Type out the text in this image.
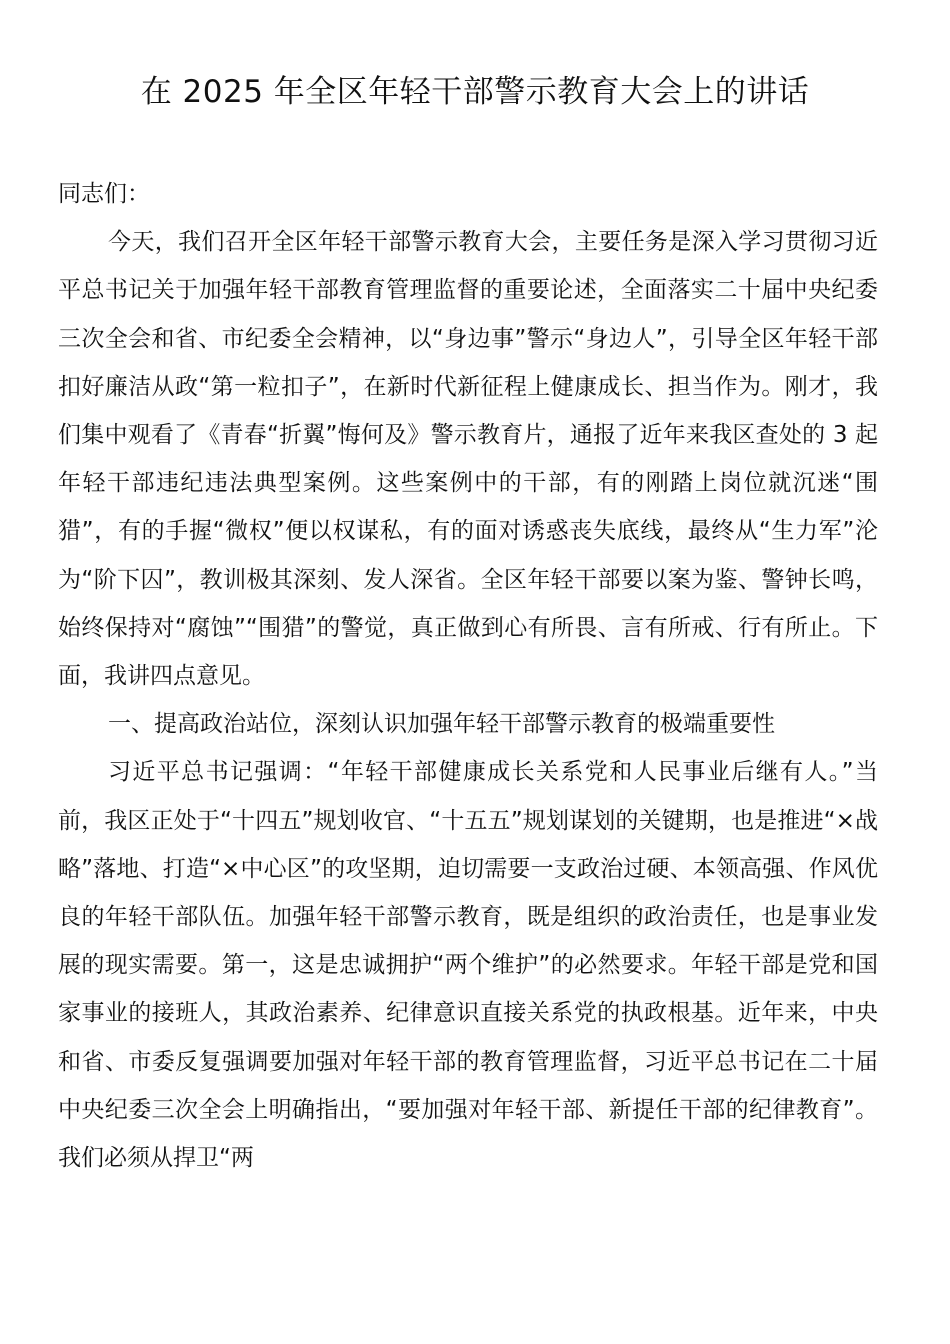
在 2025 年全区年轻干部警示教育大会上的讲话

同志们：

今天，我们召开全区年轻干部警示教育大会，主要任务是深入学习贯彻习近平总书记关于加强年轻干部教育管理监督的重要论述，全面落实二十届中央纪委三次全会和省、市纪委全会精神，以“身边事”警示“身边人”，引导全区年轻干部扣好廉洁从政“第一粒扣子”，在新时代新征程上健康成长、担当作为。刚才，我们集中观看了《青春“折翼”悔何及》警示教育片，通报了近年来我区查处的 3 起年轻干部违纪违法典型案例。这些案例中的干部，有的刚踏上岗位就沉迷“围猎”，有的手握“微权”便以权谋私，有的面对诱惑丧失底线，最终从“生力军”沦为“阶下囚”，教训极其深刻、发人深省。全区年轻干部要以案为鉴、警钟长鸣，始终保持对“腐蚀”“围猎”的警觉，真正做到心有所畏、言有所戒、行有所止。下面，我讲四点意见。

一、提高政治站位，深刻认识加强年轻干部警示教育的极端重要性

习近平总书记强调：“年轻干部健康成长关系党和人民事业后继有人。”当前，我区正处于“十四五”规划收官、“十五五”规划谋划的关键期，也是推进“×战略”落地、打造“×中心区”的攻坚期，迫切需要一支政治过硬、本领高强、作风优良的年轻干部队伍。加强年轻干部警示教育，既是组织的政治责任，也是事业发展的现实需要。第一，这是忠诚拥护“两个维护”的必然要求。年轻干部是党和国家事业的接班人，其政治素养、纪律意识直接关系党的执政根基。近年来，中央和省、市委反复强调要加强对年轻干部的教育管理监督，习近平总书记在二十届中央纪委三次全会上明确指出，“要加强对年轻干部、新提任干部的纪律教育”。我们必须从捍卫“两
